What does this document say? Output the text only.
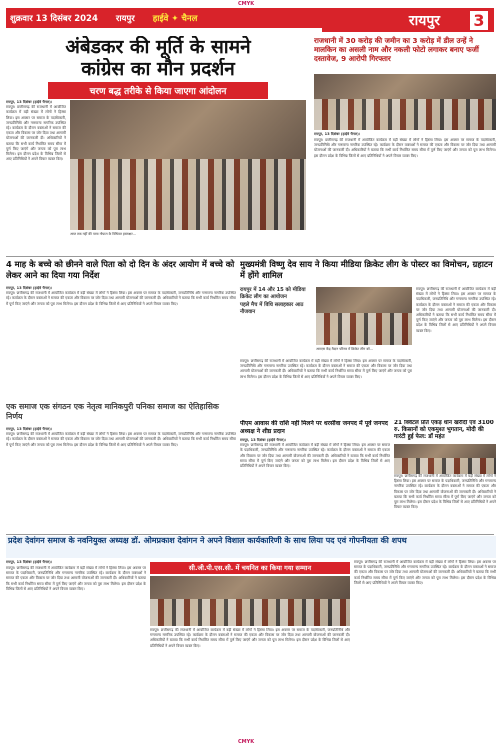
CMYK
शुक्रवार 13 दिसंबर 2024 रायपुर हाईवे ✦ चैनल	रायपुर 3
अंबेडकर की मूर्ति के सामने
कांग्रेस का मौन प्रदर्शन
चरण बद्ध तरीके से किया जाएगा आंदोलन
रायपुर, 13 दिसंबर (हाईवे चैनल)।
रायपुर। छत्तीसगढ़ की राजधानी में आयोजित कार्यक्रम में बड़ी संख्या में लोगों ने हिस्सा लिया। इस अवसर पर समाज के पदाधिकारी, जनप्रतिनिधि और गणमान्य नागरिक उपस्थित रहे। कार्यक्रम के दौरान वक्ताओं ने समाज की एकता और विकास पर जोर दिया तथा आगामी योजनाओं की जानकारी दी। अधिकारियों ने बताया कि सभी कार्य निर्धारित समय सीमा में पूर्ण किए जाएंगे और जनता को पूरा लाभ मिलेगा। इस दौरान प्रदेश के विभिन्न जिलों से आए प्रतिनिधियों ने अपने विचार व्यक्त किए।
आज तक नहीं की पाया गोपाल के विधिवत हस्ताक्षर...
राजधानी में 30 करोड़ की जमीन का 3 करोड़ में डील उन्हें ने मालकिन का असली नाम और नकली फोटो लगाकर बनाए फर्जी दस्तावेज, 9 आरोपी गिरफ्तार
रायपुर, 13 दिसंबर (हाईवे चैनल)।
रायपुर। छत्तीसगढ़ की राजधानी में आयोजित कार्यक्रम में बड़ी संख्या में लोगों ने हिस्सा लिया। इस अवसर पर समाज के पदाधिकारी, जनप्रतिनिधि और गणमान्य नागरिक उपस्थित रहे। कार्यक्रम के दौरान वक्ताओं ने समाज की एकता और विकास पर जोर दिया तथा आगामी योजनाओं की जानकारी दी। अधिकारियों ने बताया कि सभी कार्य निर्धारित समय सीमा में पूर्ण किए जाएंगे और जनता को पूरा लाभ मिलेगा। इस दौरान प्रदेश के विभिन्न जिलों से आए प्रतिनिधियों ने अपने विचार व्यक्त किए।
4 माह के बच्चे को छीनने वाले पिता को दो दिन के अंदर आयोग में बच्चे को लेकर आने का दिया गया निर्देश
रायपुर, 13 दिसंबर (हाईवे चैनल)।
रायपुर। छत्तीसगढ़ की राजधानी में आयोजित कार्यक्रम में बड़ी संख्या में लोगों ने हिस्सा लिया। इस अवसर पर समाज के पदाधिकारी, जनप्रतिनिधि और गणमान्य नागरिक उपस्थित रहे। कार्यक्रम के दौरान वक्ताओं ने समाज की एकता और विकास पर जोर दिया तथा आगामी योजनाओं की जानकारी दी। अधिकारियों ने बताया कि सभी कार्य निर्धारित समय सीमा में पूर्ण किए जाएंगे और जनता को पूरा लाभ मिलेगा। इस दौरान प्रदेश के विभिन्न जिलों से आए प्रतिनिधियों ने अपने विचार व्यक्त किए।
मुख्यमंत्री विष्णु देव साय ने किया मीडिया क्रिकेट लीग के पोस्टर का विमोचन, ग्रहाटन में होंगे शामिल
रायपुर में 14 और 15 को मीडिया क्रिकेट लीग का आयोजन
पहले मैच में विधि सलाहकार आठ नौजवान
आरएस केंद्र मैदान परिसर में क्रिकेट लीग को...
रायपुर। छत्तीसगढ़ की राजधानी में आयोजित कार्यक्रम में बड़ी संख्या में लोगों ने हिस्सा लिया। इस अवसर पर समाज के पदाधिकारी, जनप्रतिनिधि और गणमान्य नागरिक उपस्थित रहे। कार्यक्रम के दौरान वक्ताओं ने समाज की एकता और विकास पर जोर दिया तथा आगामी योजनाओं की जानकारी दी। अधिकारियों ने बताया कि सभी कार्य निर्धारित समय सीमा में पूर्ण किए जाएंगे और जनता को पूरा लाभ मिलेगा। इस दौरान प्रदेश के विभिन्न जिलों से आए प्रतिनिधियों ने अपने विचार व्यक्त किए।
रायपुर। छत्तीसगढ़ की राजधानी में आयोजित कार्यक्रम में बड़ी संख्या में लोगों ने हिस्सा लिया। इस अवसर पर समाज के पदाधिकारी, जनप्रतिनिधि और गणमान्य नागरिक उपस्थित रहे। कार्यक्रम के दौरान वक्ताओं ने समाज की एकता और विकास पर जोर दिया तथा आगामी योजनाओं की जानकारी दी। अधिकारियों ने बताया कि सभी कार्य निर्धारित समय सीमा में पूर्ण किए जाएंगे और जनता को पूरा लाभ मिलेगा। इस दौरान प्रदेश के विभिन्न जिलों से आए प्रतिनिधियों ने अपने विचार व्यक्त किए।
एक समाज एक संगठन एक नेतृत्व मानिकपुरी पनिका समाज का ऐतिहासिक निर्णय
रायपुर, 13 दिसंबर (हाईवे चैनल)।
रायपुर। छत्तीसगढ़ की राजधानी में आयोजित कार्यक्रम में बड़ी संख्या में लोगों ने हिस्सा लिया। इस अवसर पर समाज के पदाधिकारी, जनप्रतिनिधि और गणमान्य नागरिक उपस्थित रहे। कार्यक्रम के दौरान वक्ताओं ने समाज की एकता और विकास पर जोर दिया तथा आगामी योजनाओं की जानकारी दी। अधिकारियों ने बताया कि सभी कार्य निर्धारित समय सीमा में पूर्ण किए जाएंगे और जनता को पूरा लाभ मिलेगा। इस दौरान प्रदेश के विभिन्न जिलों से आए प्रतिनिधियों ने अपने विचार व्यक्त किए।
पीएम आवास की राशि नहीं मिलने पर धरसींवा जनपद में पूर्व जनपद अध्यक्ष ने शीघ्र प्रदान
रायपुर, 13 दिसंबर (हाईवे चैनल)।
रायपुर। छत्तीसगढ़ की राजधानी में आयोजित कार्यक्रम में बड़ी संख्या में लोगों ने हिस्सा लिया। इस अवसर पर समाज के पदाधिकारी, जनप्रतिनिधि और गणमान्य नागरिक उपस्थित रहे। कार्यक्रम के दौरान वक्ताओं ने समाज की एकता और विकास पर जोर दिया तथा आगामी योजनाओं की जानकारी दी। अधिकारियों ने बताया कि सभी कार्य निर्धारित समय सीमा में पूर्ण किए जाएंगे और जनता को पूरा लाभ मिलेगा। इस दौरान प्रदेश के विभिन्न जिलों से आए प्रतिनिधियों ने अपने विचार व्यक्त किए।
21 क्विंटल प्रति एकड़ धान खरीदी एवं 3100 रु. किसानों को एकमुश्त भुगतान, मोदी की गारंटी हुई फेल: डॉ महंत
रायपुर। छत्तीसगढ़ की राजधानी में आयोजित कार्यक्रम में बड़ी संख्या में लोगों ने हिस्सा लिया। इस अवसर पर समाज के पदाधिकारी, जनप्रतिनिधि और गणमान्य नागरिक उपस्थित रहे। कार्यक्रम के दौरान वक्ताओं ने समाज की एकता और विकास पर जोर दिया तथा आगामी योजनाओं की जानकारी दी। अधिकारियों ने बताया कि सभी कार्य निर्धारित समय सीमा में पूर्ण किए जाएंगे और जनता को पूरा लाभ मिलेगा। इस दौरान प्रदेश के विभिन्न जिलों से आए प्रतिनिधियों ने अपने विचार व्यक्त किए।
प्रदेश देवांगन समाज के नवनियुक्त अध्यक्ष डॉ. ओमप्रकाश देवांगन ने अपने विशाल कार्यकारिणी के साथ लिया पद एवं गोपनीयता की शपथ
रायपुर, 13 दिसंबर (हाईवे चैनल)।
रायपुर। छत्तीसगढ़ की राजधानी में आयोजित कार्यक्रम में बड़ी संख्या में लोगों ने हिस्सा लिया। इस अवसर पर समाज के पदाधिकारी, जनप्रतिनिधि और गणमान्य नागरिक उपस्थित रहे। कार्यक्रम के दौरान वक्ताओं ने समाज की एकता और विकास पर जोर दिया तथा आगामी योजनाओं की जानकारी दी। अधिकारियों ने बताया कि सभी कार्य निर्धारित समय सीमा में पूर्ण किए जाएंगे और जनता को पूरा लाभ मिलेगा। इस दौरान प्रदेश के विभिन्न जिलों से आए प्रतिनिधियों ने अपने विचार व्यक्त किए।
सी.जी.पी.एस.सी. में चयनित का किया गया सम्मान
रायपुर। छत्तीसगढ़ की राजधानी में आयोजित कार्यक्रम में बड़ी संख्या में लोगों ने हिस्सा लिया। इस अवसर पर समाज के पदाधिकारी, जनप्रतिनिधि और गणमान्य नागरिक उपस्थित रहे। कार्यक्रम के दौरान वक्ताओं ने समाज की एकता और विकास पर जोर दिया तथा आगामी योजनाओं की जानकारी दी। अधिकारियों ने बताया कि सभी कार्य निर्धारित समय सीमा में पूर्ण किए जाएंगे और जनता को पूरा लाभ मिलेगा। इस दौरान प्रदेश के विभिन्न जिलों से आए प्रतिनिधियों ने अपने विचार व्यक्त किए।
रायपुर। छत्तीसगढ़ की राजधानी में आयोजित कार्यक्रम में बड़ी संख्या में लोगों ने हिस्सा लिया। इस अवसर पर समाज के पदाधिकारी, जनप्रतिनिधि और गणमान्य नागरिक उपस्थित रहे। कार्यक्रम के दौरान वक्ताओं ने समाज की एकता और विकास पर जोर दिया तथा आगामी योजनाओं की जानकारी दी। अधिकारियों ने बताया कि सभी कार्य निर्धारित समय सीमा में पूर्ण किए जाएंगे और जनता को पूरा लाभ मिलेगा। इस दौरान प्रदेश के विभिन्न जिलों से आए प्रतिनिधियों ने अपने विचार व्यक्त किए।
CMYK
